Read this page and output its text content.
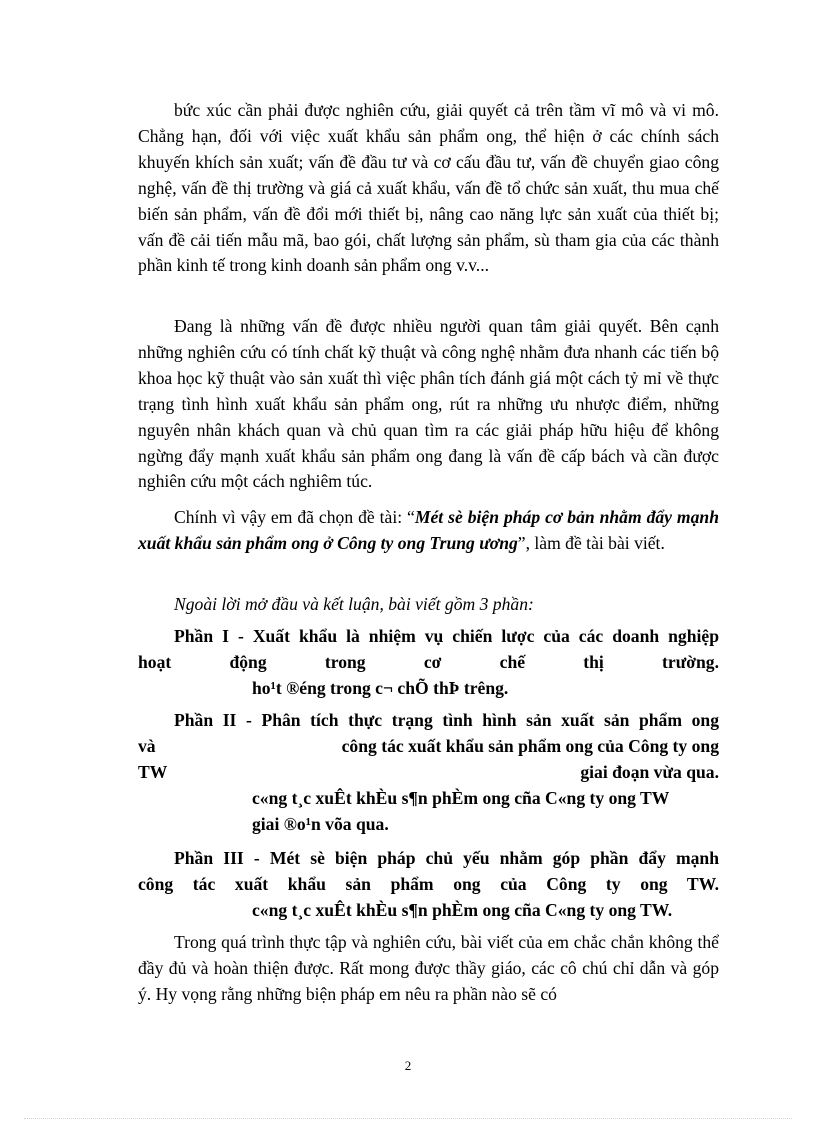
bức xúc cần phải được nghiên cứu, giải quyết cả trên tầm vĩ mô và vi mô. Chẳng hạn, đối với việc xuất khẩu sản phẩm ong, thể hiện ở các chính sách khuyến khích sản xuất; vấn đề đầu tư và cơ cấu đầu tư, vấn đề chuyển giao công nghệ, vấn đề thị trường và giá cả xuất khẩu, vấn đề tổ chức sản xuất, thu mua chế biến sản phẩm, vấn đề đổi mới thiết bị, nâng cao năng lực sản xuất của thiết bị; vấn đề cải tiến mẫu mã, bao gói, chất lượng sản phẩm, sù tham gia của các thành phần kinh tế trong kinh doanh sản phẩm ong v.v...

Đang là những vấn đề được nhiều người quan tâm giải quyết. Bên cạnh những nghiên cứu có tính chất kỹ thuật và công nghệ nhằm đưa nhanh các tiến bộ khoa học kỹ thuật vào sản xuất thì việc phân tích đánh giá một cách tỷ mỉ về thực trạng tình hình xuất khẩu sản phẩm ong, rút ra những ưu nhược điểm, những nguyên nhân khách quan và chủ quan tìm ra các giải pháp hữu hiệu để không ngừng đẩy mạnh xuất khẩu sản phẩm ong đang là vấn đề cấp bách và cần được nghiên cứu một cách nghiêm túc.

Chính vì vậy em đã chọn đề tài: “Mét sè biện pháp cơ bản nhằm đẩy mạnh xuất khẩu sản phẩm ong ở Công ty ong Trung ương”, làm đề tài bài viết.

Ngoài lời mở đầu và kết luận, bài viết gồm 3 phần:

Phần I - Xuất khẩu là nhiệm vụ chiến lược của các doanh nghiệp
hoạt động trong cơ chế thị trường.
ho¹t ®éng trong c¬ chÕ thÞ trêng.
Phần II - Phân tích thực trạng tình hình sản xuất sản phẩm ong
và	công tác xuất khẩu sản phẩm ong của Công ty ong
TW	giai đoạn vừa qua.
c«ng t¸c xuÊt khÈu s¶n phÈm ong cña C«ng ty ong TW
giai ®o¹n võa qua.
Phần III - Mét sè biện pháp chủ yếu nhằm góp phần đẩy mạnh
công tác xuất khẩu sản phẩm ong của Công ty ong TW.
c«ng t¸c xuÊt khÈu s¶n phÈm ong cña C«ng ty ong TW.

Trong quá trình thực tập và nghiên cứu, bài viết của em chắc chắn không thể đầy đủ và hoàn thiện được. Rất mong được thầy giáo, các cô chú chỉ dẫn và góp ý. Hy vọng rằng những biện pháp em nêu ra phần nào sẽ có

2
